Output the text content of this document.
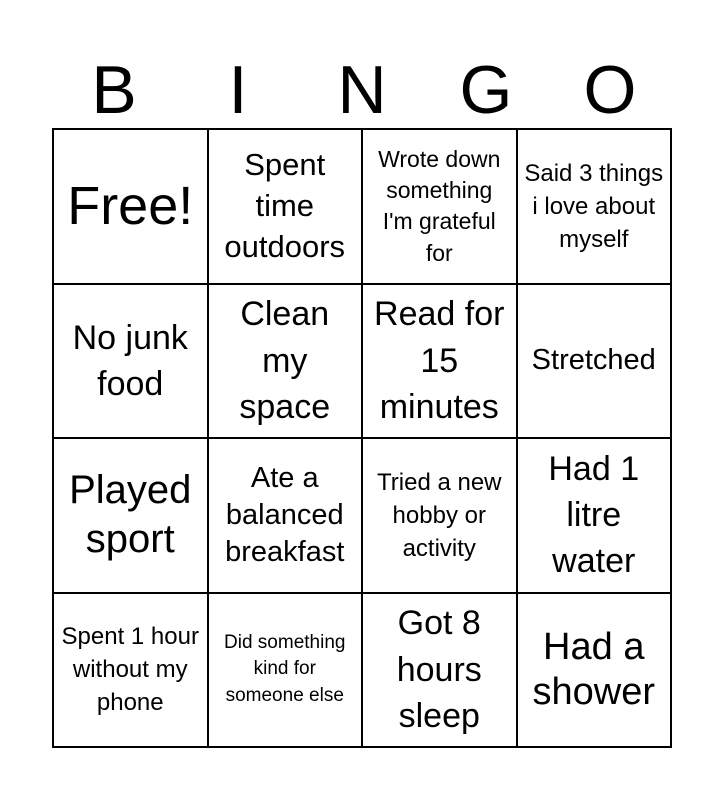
B	I	N	G	O
Free!
Spent time outdoors
Wrote down something I'm grateful for
Said 3 things i love about myself
No junk food
Clean my space
Read for 15 minutes
Stretched
Played sport
Ate a balanced breakfast
Tried a new hobby or activity
Had 1 litre water
Spent 1 hour without my phone
Did something kind for someone else
Got 8 hours sleep
Had a shower
